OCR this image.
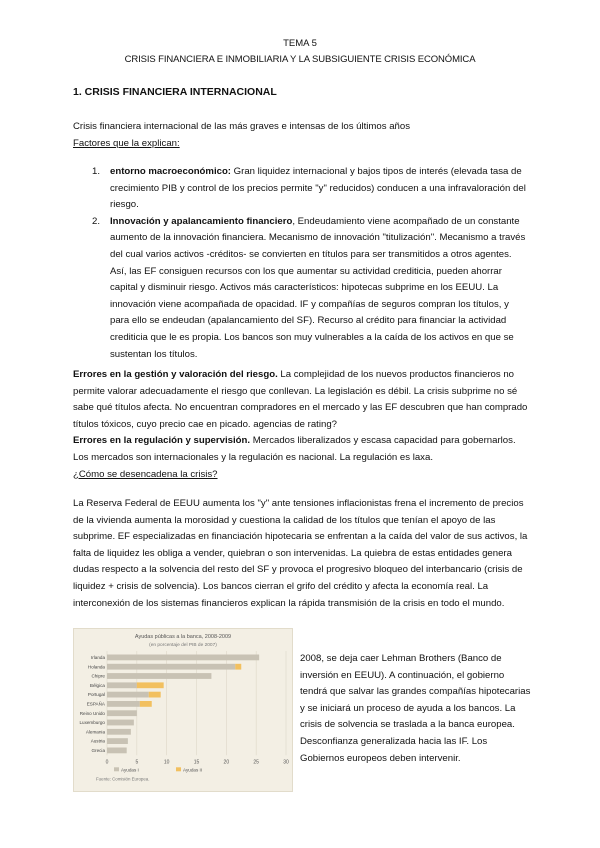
TEMA 5
CRISIS FINANCIERA E INMOBILIARIA Y LA SUBSIGUIENTE CRISIS ECONÓMICA
1. CRISIS FINANCIERA INTERNACIONAL
Crisis financiera internacional de las más graves e intensas de los últimos años
Factores que la explican:
1. entorno macroeconómico: Gran liquidez internacional y bajos tipos de interés (elevada tasa de crecimiento PIB y control de los precios permite "y" reducidos) conducen a una infravaloración del riesgo.
2. Innovación y apalancamiento financiero, Endeudamiento viene acompañado de un constante aumento de la innovación financiera. Mecanismo de innovación "titulización". Mecanismo a través del cual varios activos -créditos- se convierten en títulos para ser transmitidos a otros agentes. Así, las EF consiguen recursos con los que aumentar su actividad crediticia, pueden ahorrar capital y disminuir riesgo. Activos más característicos: hipotecas subprime en los EEUU. La innovación viene acompañada de opacidad. IF y compañías de seguros compran los títulos, y para ello se endeudan (apalancamiento del SF). Recurso al crédito para financiar la actividad crediticia que le es propia. Los bancos son muy vulnerables a la caída de los activos en que se sustentan los títulos.
Errores en la gestión y valoración del riesgo. La complejidad de los nuevos productos financieros no permite valorar adecuadamente el riesgo que conllevan. La legislación es débil. La crisis subprime no sé sabe qué títulos afecta. No encuentran compradores en el mercado y las EF descubren que han comprado títulos tóxicos, cuyo precio cae en picado. agencias de rating?
Errores en la regulación y supervisión. Mercados liberalizados y escasa capacidad para gobernarlos. Los mercados son internacionales y la regulación es nacional. La regulación es laxa.
¿Cómo se desencadena la crisis?
La Reserva Federal de EEUU aumenta los "y" ante tensiones inflacionistas frena el incremento de precios de la vivienda aumenta la morosidad y cuestiona la calidad de los títulos que tenían el apoyo de las subprime. EF especializadas en financiación hipotecaria se enfrentan a la caída del valor de sus activos, la falta de liquidez les obliga a vender, quiebran o son intervenidas. La quiebra de estas entidades genera dudas respecto a la solvencia del resto del SF y provoca el progresivo bloqueo del interbancario (crisis de liquidez + crisis de solvencia). Los bancos cierran el grifo del crédito y afecta la economía real. La interconexión de los sistemas financieros explican la rápida transmisión de la crisis en todo el mundo.
Ayudas públicas a la banca, 2008-2009
(en porcentaje del PIB de 2007)
0	5	10	15	20	25	30
Irlanda
Holanda
Chipre
Bélgica
Portugal
ESPAÑA
Reino Unido
Luxemburgo
Alemania
Austria
Grecia
Ayudas I	Ayudas II
Fuente: Comisión Europea.
2008, se deja caer Lehman Brothers (Banco de inversión en EEUU). A continuación, el gobierno tendrá que salvar las grandes compañías hipotecarias y se iniciará un proceso de ayuda a los bancos. La crisis de solvencia se traslada a la banca europea. Desconfianza generalizada hacia las IF. Los Gobiernos europeos deben intervenir.
